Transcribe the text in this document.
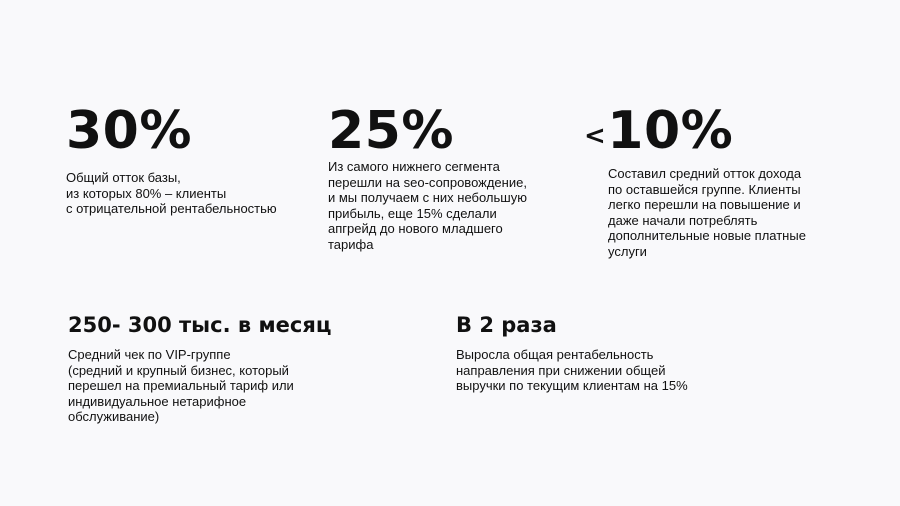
30%

Общий отток базы,
из которых 80% – клиенты
с отрицательной рентабельностью

25%

Из самого нижнего сегмента
перешли на seo-сопровождение,
и мы получаем с них небольшую
прибыль, еще 15% сделали
апгрейд до нового младшего
тарифа

<10%

Составил средний отток дохода
по оставшейся группе. Клиенты
легко перешли на повышение и
даже начали потреблять
дополнительные новые платные
услуги

250- 300 тыс. в месяц

Средний чек по VIP-группе
(средний и крупный бизнес, который
перешел на премиальный тариф или
индивидуальное нетарифное
обслуживание)

В 2 раза

Выросла общая рентабельность
направления при снижении общей
выручки по текущим клиентам на 15%
